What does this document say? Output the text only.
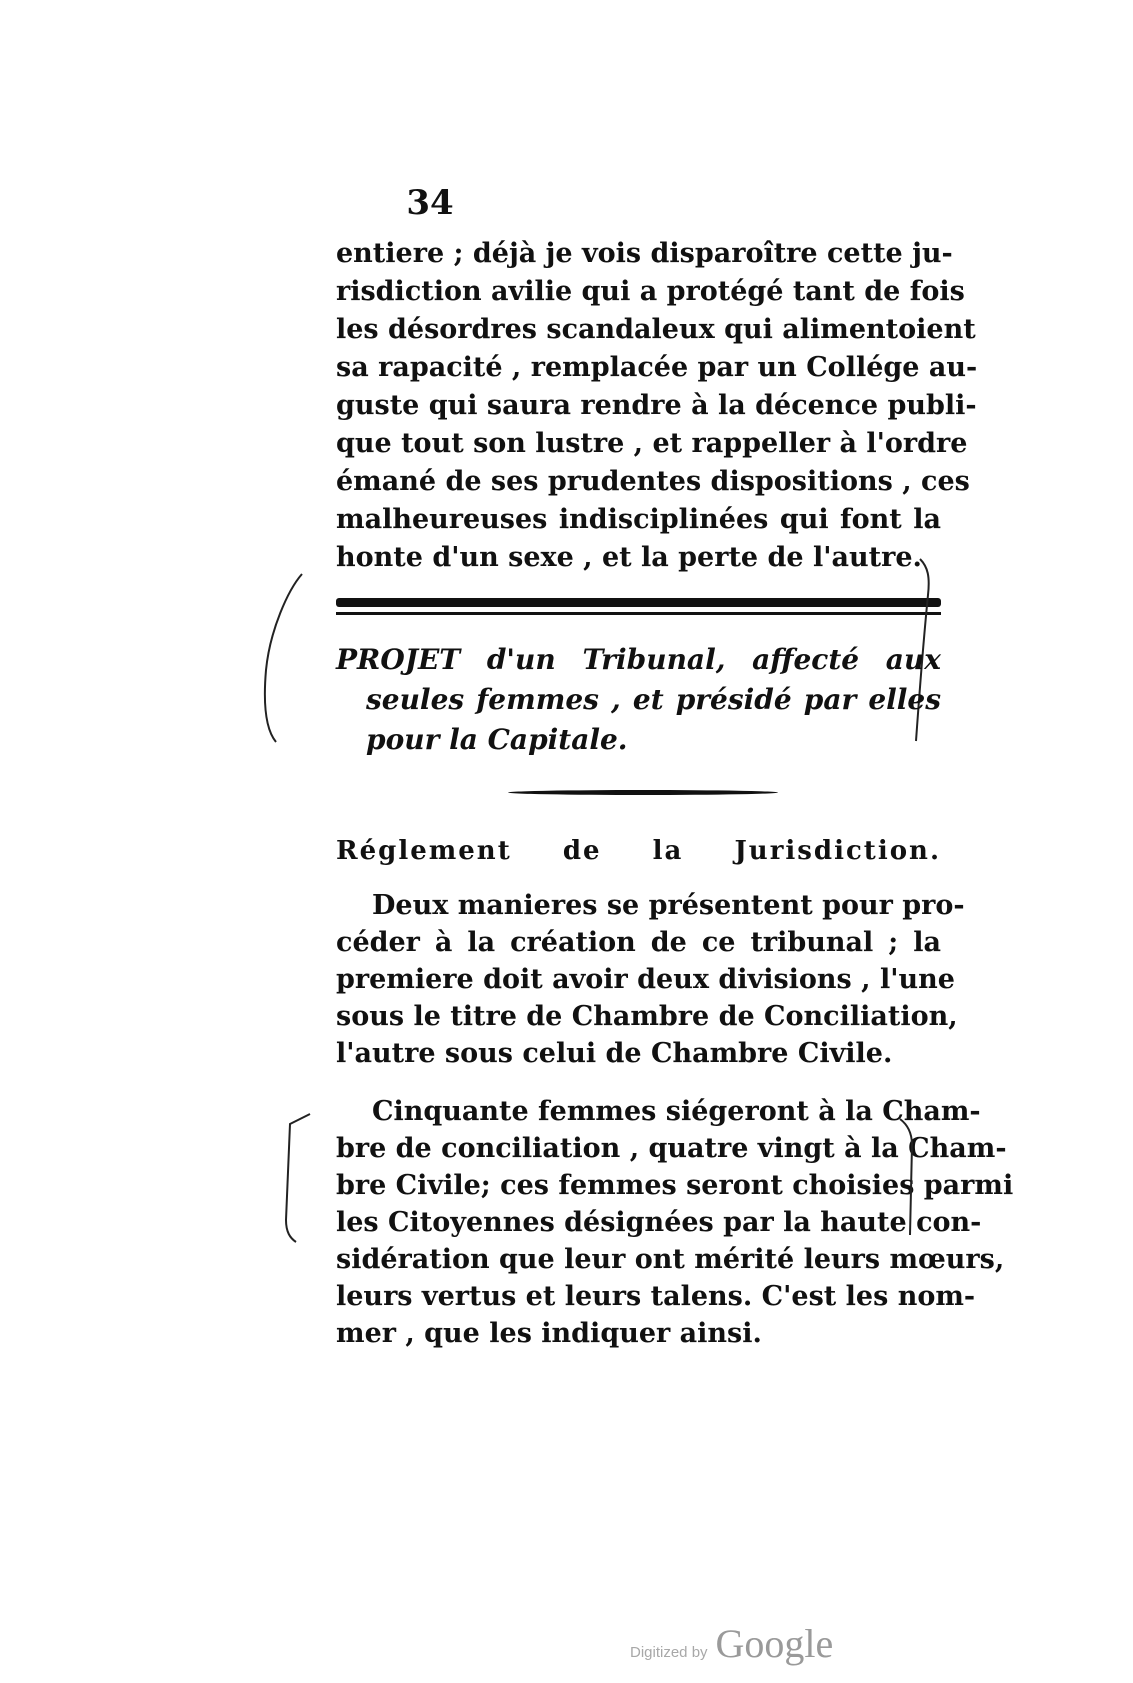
34
entiere ; déjà je vois disparoître cette ju-
risdiction avilie qui a protégé tant de fois
les désordres scandaleux qui alimentoient
sa rapacité , remplacée par un Collége au-
guste qui saura rendre à la décence publi-
que tout son lustre , et rappeller à l'ordre
émané de ses prudentes dispositions , ces
malheureuses indisciplinées qui font la
honte d'un sexe , et la perte de l'autre.
PROJET d'un Tribunal, affecté aux
seules femmes , et présidé par elles
pour la Capitale.
Réglement de la Jurisdiction.
Deux manieres se présentent pour pro-
céder à la création de ce tribunal ; la
premiere doit avoir deux divisions , l'une
sous le titre de Chambre de Conciliation,
l'autre sous celui de Chambre Civile.
Cinquante femmes siégeront à la Cham-
bre de conciliation , quatre vingt à la Cham-
bre Civile; ces femmes seront choisies parmi
les Citoyennes désignées par la haute con-
sidération que leur ont mérité leurs mœurs,
leurs vertus et leurs talens. C'est les nom-
mer , que les indiquer ainsi.
Digitized by Google
